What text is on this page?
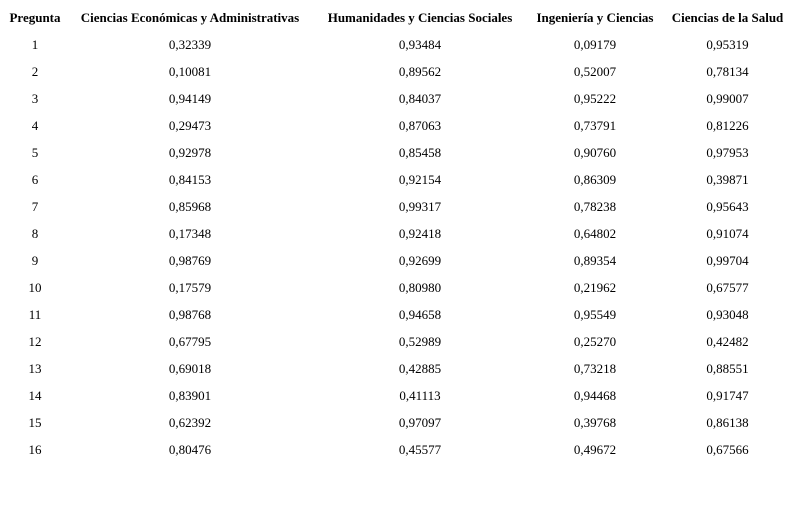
Pregunta	Ciencias Económicas y Administrativas	Humanidades y Ciencias Sociales	Ingeniería y Ciencias	Ciencias de la Salud
1	0,32339	0,93484	0,09179	0,95319
2	0,10081	0,89562	0,52007	0,78134
3	0,94149	0,84037	0,95222	0,99007
4	0,29473	0,87063	0,73791	0,81226
5	0,92978	0,85458	0,90760	0,97953
6	0,84153	0,92154	0,86309	0,39871
7	0,85968	0,99317	0,78238	0,95643
8	0,17348	0,92418	0,64802	0,91074
9	0,98769	0,92699	0,89354	0,99704
10	0,17579	0,80980	0,21962	0,67577
11	0,98768	0,94658	0,95549	0,93048
12	0,67795	0,52989	0,25270	0,42482
13	0,69018	0,42885	0,73218	0,88551
14	0,83901	0,41113	0,94468	0,91747
15	0,62392	0,97097	0,39768	0,86138
16	0,80476	0,45577	0,49672	0,67566
